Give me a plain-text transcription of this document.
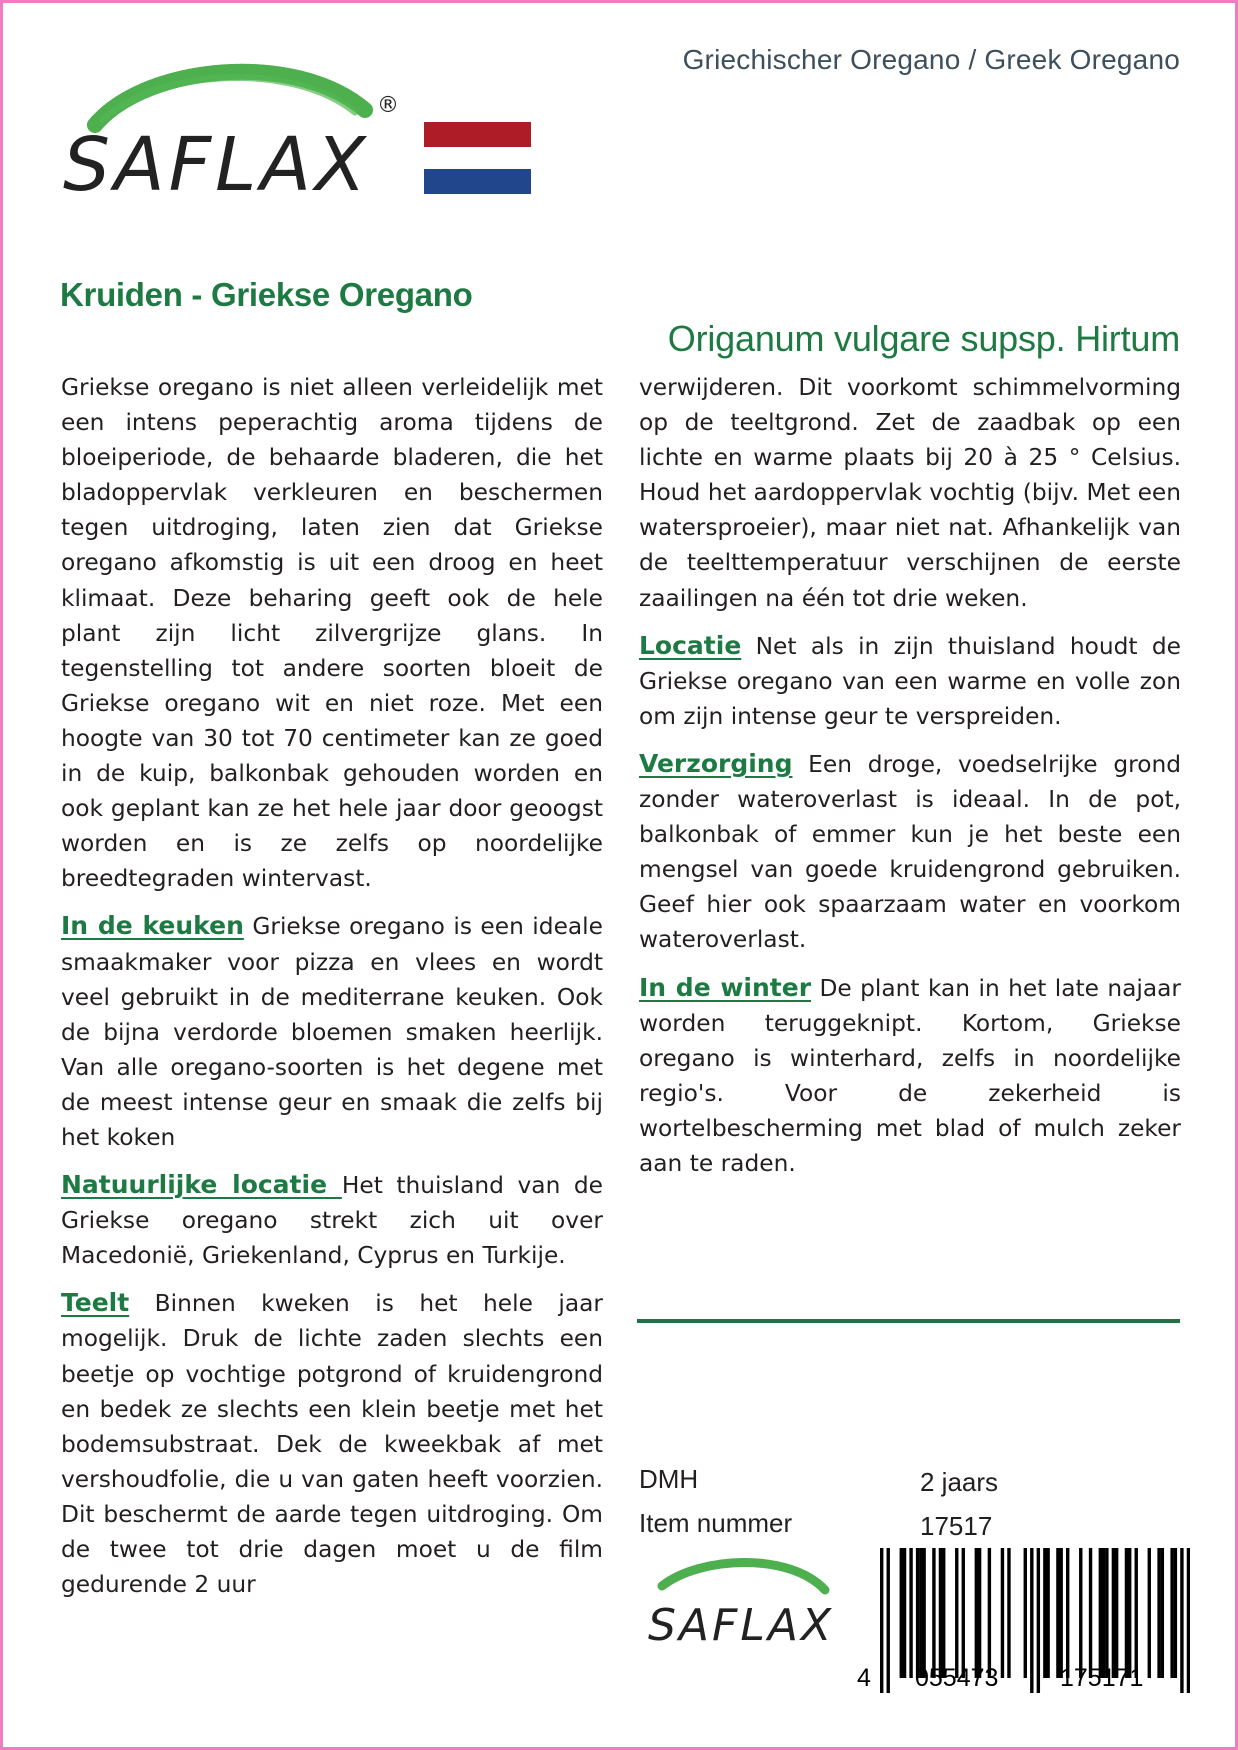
SAFLAX
®
Griechischer Oregano / Greek Oregano
Kruiden - Griekse Oregano
Origanum vulgare supsp. Hirtum

Griekse oregano is niet alleen verleidelijk met een intens peperachtig aroma tijdens de bloeiperiode, de behaarde bladeren, die het bladoppervlak verkleuren en beschermen tegen uitdroging, laten zien dat Griekse oregano afkomstig is uit een droog en heet klimaat. Deze beharing geeft ook de hele plant zijn licht zilvergrijze glans. In tegenstelling tot andere soorten bloeit de Griekse oregano wit en niet roze. Met een hoogte van 30 tot 70 centimeter kan ze goed in de kuip, balkonbak gehouden worden en ook geplant kan ze het hele jaar door geoogst worden en is ze zelfs op noordelijke breedtegraden wintervast.

In de keuken Griekse oregano is een ideale smaakmaker voor pizza en vlees en wordt veel gebruikt in de mediterrane keuken. Ook de bijna verdorde bloemen smaken heerlijk. Van alle oregano-soorten is het degene met de meest intense geur en smaak die zelfs bij het koken

Natuurlijke locatie Het thuisland van de Griekse oregano strekt zich uit over Macedonië, Griekenland, Cyprus en Turkije.

Teelt Binnen kweken is het hele jaar mogelijk. Druk de lichte zaden slechts een beetje op vochtige potgrond of kruidengrond en bedek ze slechts een klein beetje met het bodemsubstraat. Dek de kweekbak af met vershoudfolie, die u van gaten heeft voorzien. Dit beschermt de aarde tegen uitdroging. Om de twee tot drie dagen moet u de film gedurende 2 uur

verwijderen. Dit voorkomt schimmelvorming op de teeltgrond. Zet de zaadbak op een lichte en warme plaats bij 20 à 25 ° Celsius. Houd het aardoppervlak vochtig (bijv. Met een watersproeier), maar niet nat. Afhankelijk van de teelttemperatuur verschijnen de eerste zaailingen na één tot drie weken.

Locatie Net als in zijn thuisland houdt de Griekse oregano van een warme en volle zon om zijn intense geur te verspreiden.

Verzorging Een droge, voedselrijke grond zonder wateroverlast is ideaal. In de pot, balkonbak of emmer kun je het beste een mengsel van goede kruidengrond gebruiken. Geef hier ook spaarzaam water en voorkom wateroverlast.

In de winter De plant kan in het late najaar worden teruggeknipt. Kortom, Griekse oregano is winterhard, zelfs in noordelijke regio's. Voor de zekerheid is wortelbescherming met blad of mulch zeker aan te raden.

DMH	2 jaars
Item nummer	17517
SAFLAX
4 055473 175171
